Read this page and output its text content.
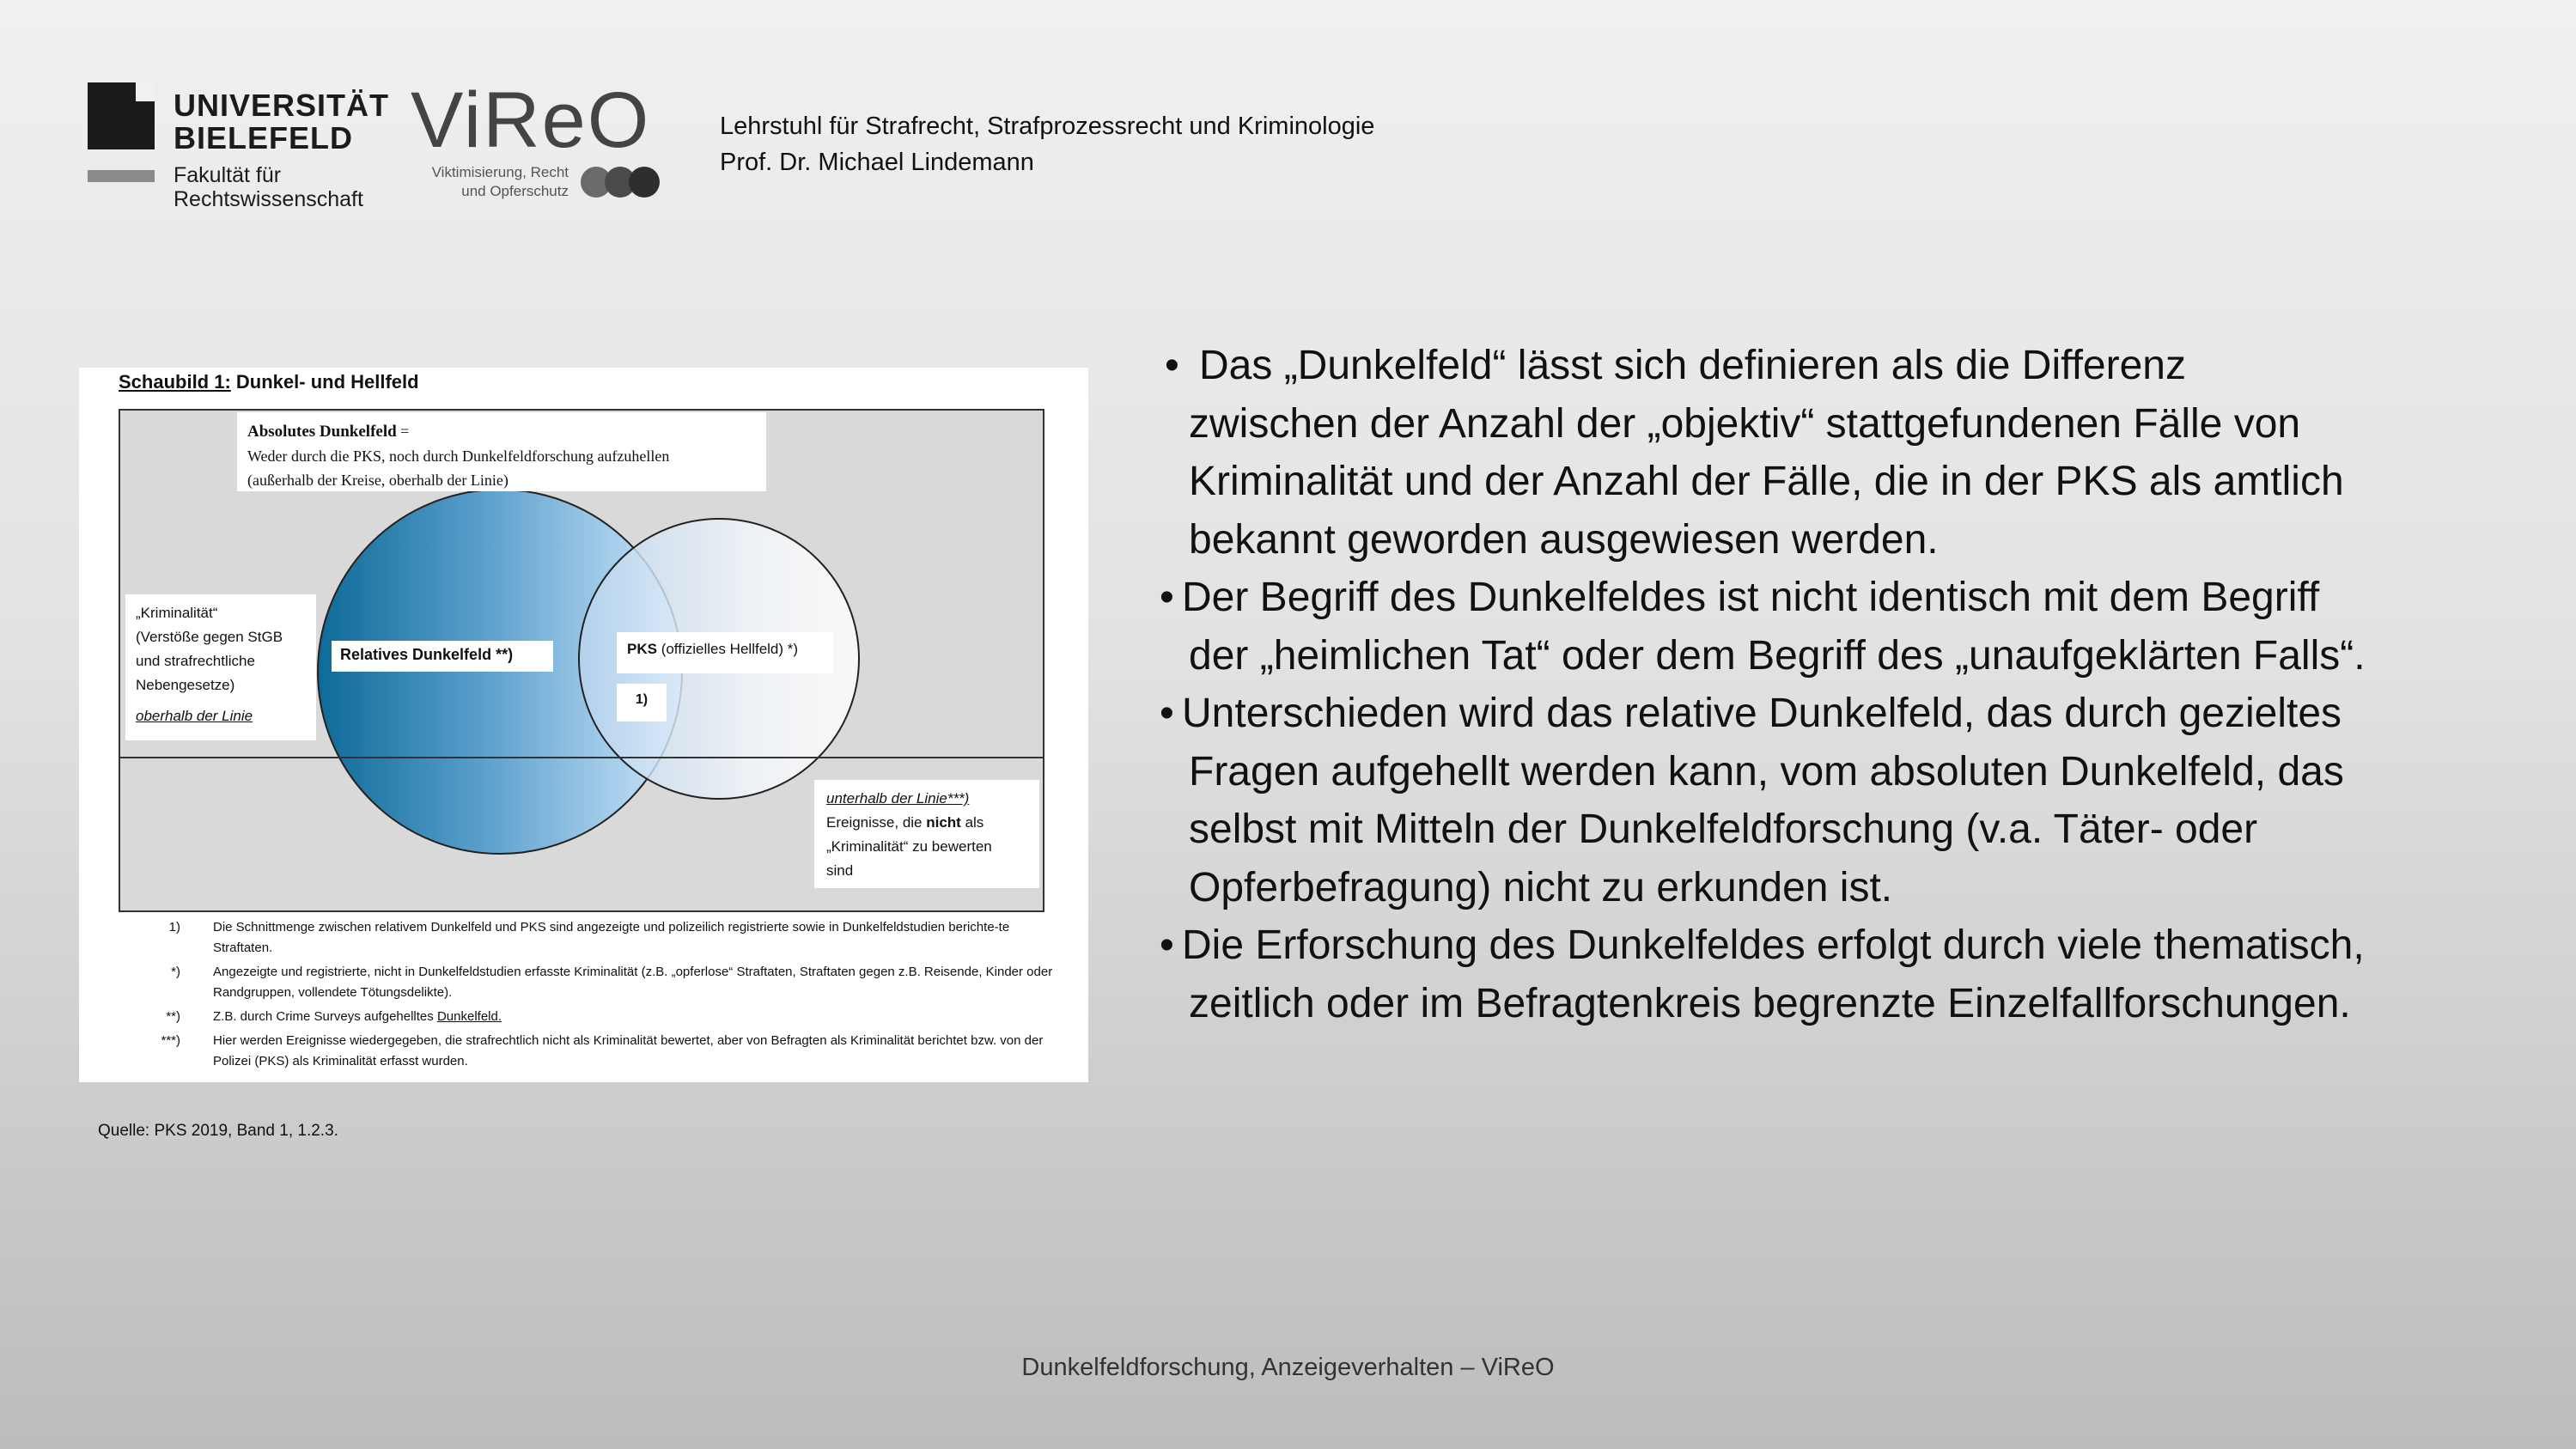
UNIVERSITÄT
BIELEFELD
Fakultät für
Rechtswissenschaft
ViReO
Viktimisierung, Recht
und Opferschutz
Lehrstuhl für Strafrecht, Strafprozessrecht und Kriminologie
Prof. Dr. Michael Lindemann
Schaubild 1: Dunkel- und Hellfeld
Absolutes Dunkelfeld =
Weder durch die PKS, noch durch Dunkelfeldforschung aufzuhellen
(außerhalb der Kreise, oberhalb der Linie)
„Kriminalität“
(Verstöße gegen StGB
und strafrechtliche
Nebengesetze)
oberhalb der Linie
Relatives Dunkelfeld **)	PKS (offizielles Hellfeld) *)
1)
unterhalb der Linie***)
Ereignisse, die nicht als
„Kriminalität“ zu bewerten
sind
1)	Die Schnittmenge zwischen relativem Dunkelfeld und PKS sind angezeigte und polizeilich registrierte sowie in Dunkelfeldstudien berichte-te Straftaten.
*)	Angezeigte und registrierte, nicht in Dunkelfeldstudien erfasste Kriminalität (z.B. „opferlose“ Straftaten, Straftaten gegen z.B. Reisende, Kinder oder Randgruppen, vollendete Tötungsdelikte).
**)	Z.B. durch Crime Surveys aufgehelltes Dunkelfeld.
***)	Hier werden Ereignisse wiedergegeben, die strafrechtlich nicht als Kriminalität bewertet, aber von Befragten als Kriminalität berichtet bzw. von der Polizei (PKS) als Kriminalität erfasst wurden.
Quelle: PKS 2019, Band 1, 1.2.3.
• Das „Dunkelfeld“ lässt sich definieren als die Differenz
zwischen der Anzahl der „objektiv“ stattgefundenen Fälle von
Kriminalität und der Anzahl der Fälle, die in der PKS als amtlich
bekannt geworden ausgewiesen werden.
• Der Begriff des Dunkelfeldes ist nicht identisch mit dem Begriff
der „heimlichen Tat“ oder dem Begriff des „unaufgeklärten Falls“.
• Unterschieden wird das relative Dunkelfeld, das durch gezieltes
Fragen aufgehellt werden kann, vom absoluten Dunkelfeld, das
selbst mit Mitteln der Dunkelfeldforschung (v.a. Täter- oder
Opferbefragung) nicht zu erkunden ist.
• Die Erforschung des Dunkelfeldes erfolgt durch viele thematisch,
zeitlich oder im Befragtenkreis begrenzte Einzelfallforschungen.
Dunkelfeldforschung, Anzeigeverhalten – ViReO
